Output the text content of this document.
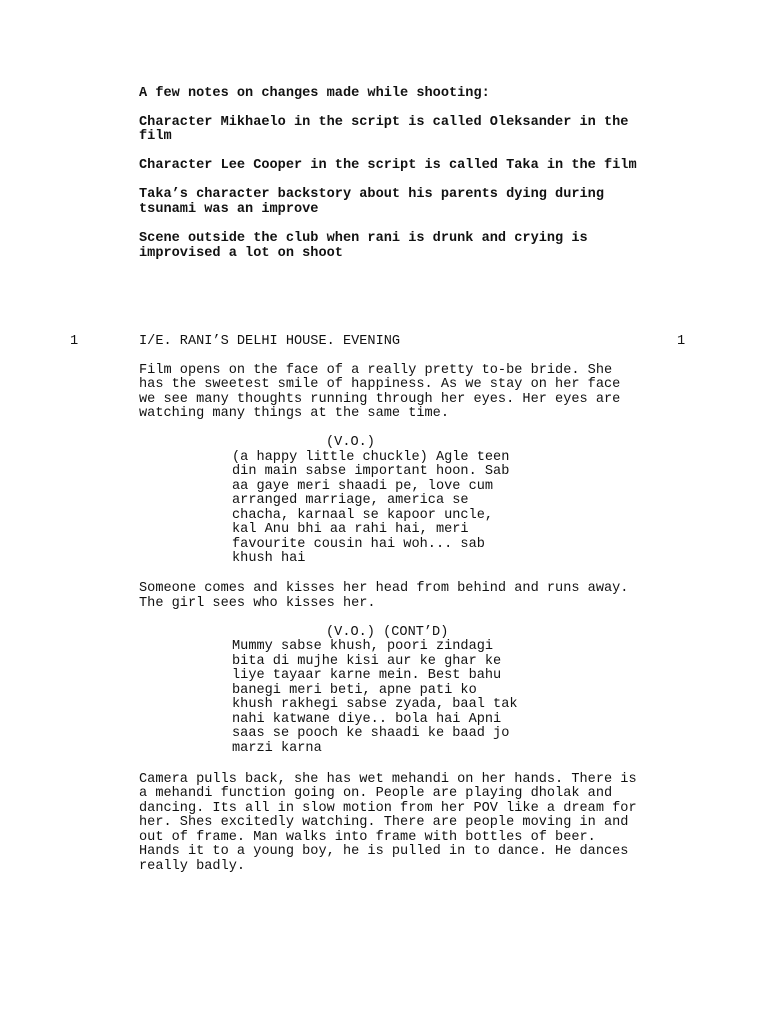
A few notes on changes made while shooting:
Character Mikhaelo in the script is called Oleksander in the
film
Character Lee Cooper in the script is called Taka in the film
Taka’s character backstory about his parents dying during
tsunami was an improve
Scene outside the club when rani is drunk and crying is
improvised a lot on shoot
1	I/E. RANI’S DELHI HOUSE. EVENING	1
Film opens on the face of a really pretty to-be bride. She
has the sweetest smile of happiness. As we stay on her face
we see many thoughts running through her eyes. Her eyes are
watching many things at the same time.
(V.O.)
(a happy little chuckle) Agle teen
din main sabse important hoon. Sab
aa gaye meri shaadi pe, love cum
arranged marriage, america se
chacha, karnaal se kapoor uncle,
kal Anu bhi aa rahi hai, meri
favourite cousin hai woh... sab
khush hai
Someone comes and kisses her head from behind and runs away.
The girl sees who kisses her.
(V.O.) (CONT’D)
Mummy sabse khush, poori zindagi
bita di mujhe kisi aur ke ghar ke
liye tayaar karne mein. Best bahu
banegi meri beti, apne pati ko
khush rakhegi sabse zyada, baal tak
nahi katwane diye.. bola hai Apni
saas se pooch ke shaadi ke baad jo
marzi karna
Camera pulls back, she has wet mehandi on her hands. There is
a mehandi function going on. People are playing dholak and
dancing. Its all in slow motion from her POV like a dream for
her. Shes excitedly watching. There are people moving in and
out of frame. Man walks into frame with bottles of beer.
Hands it to a young boy, he is pulled in to dance. He dances
really badly.
